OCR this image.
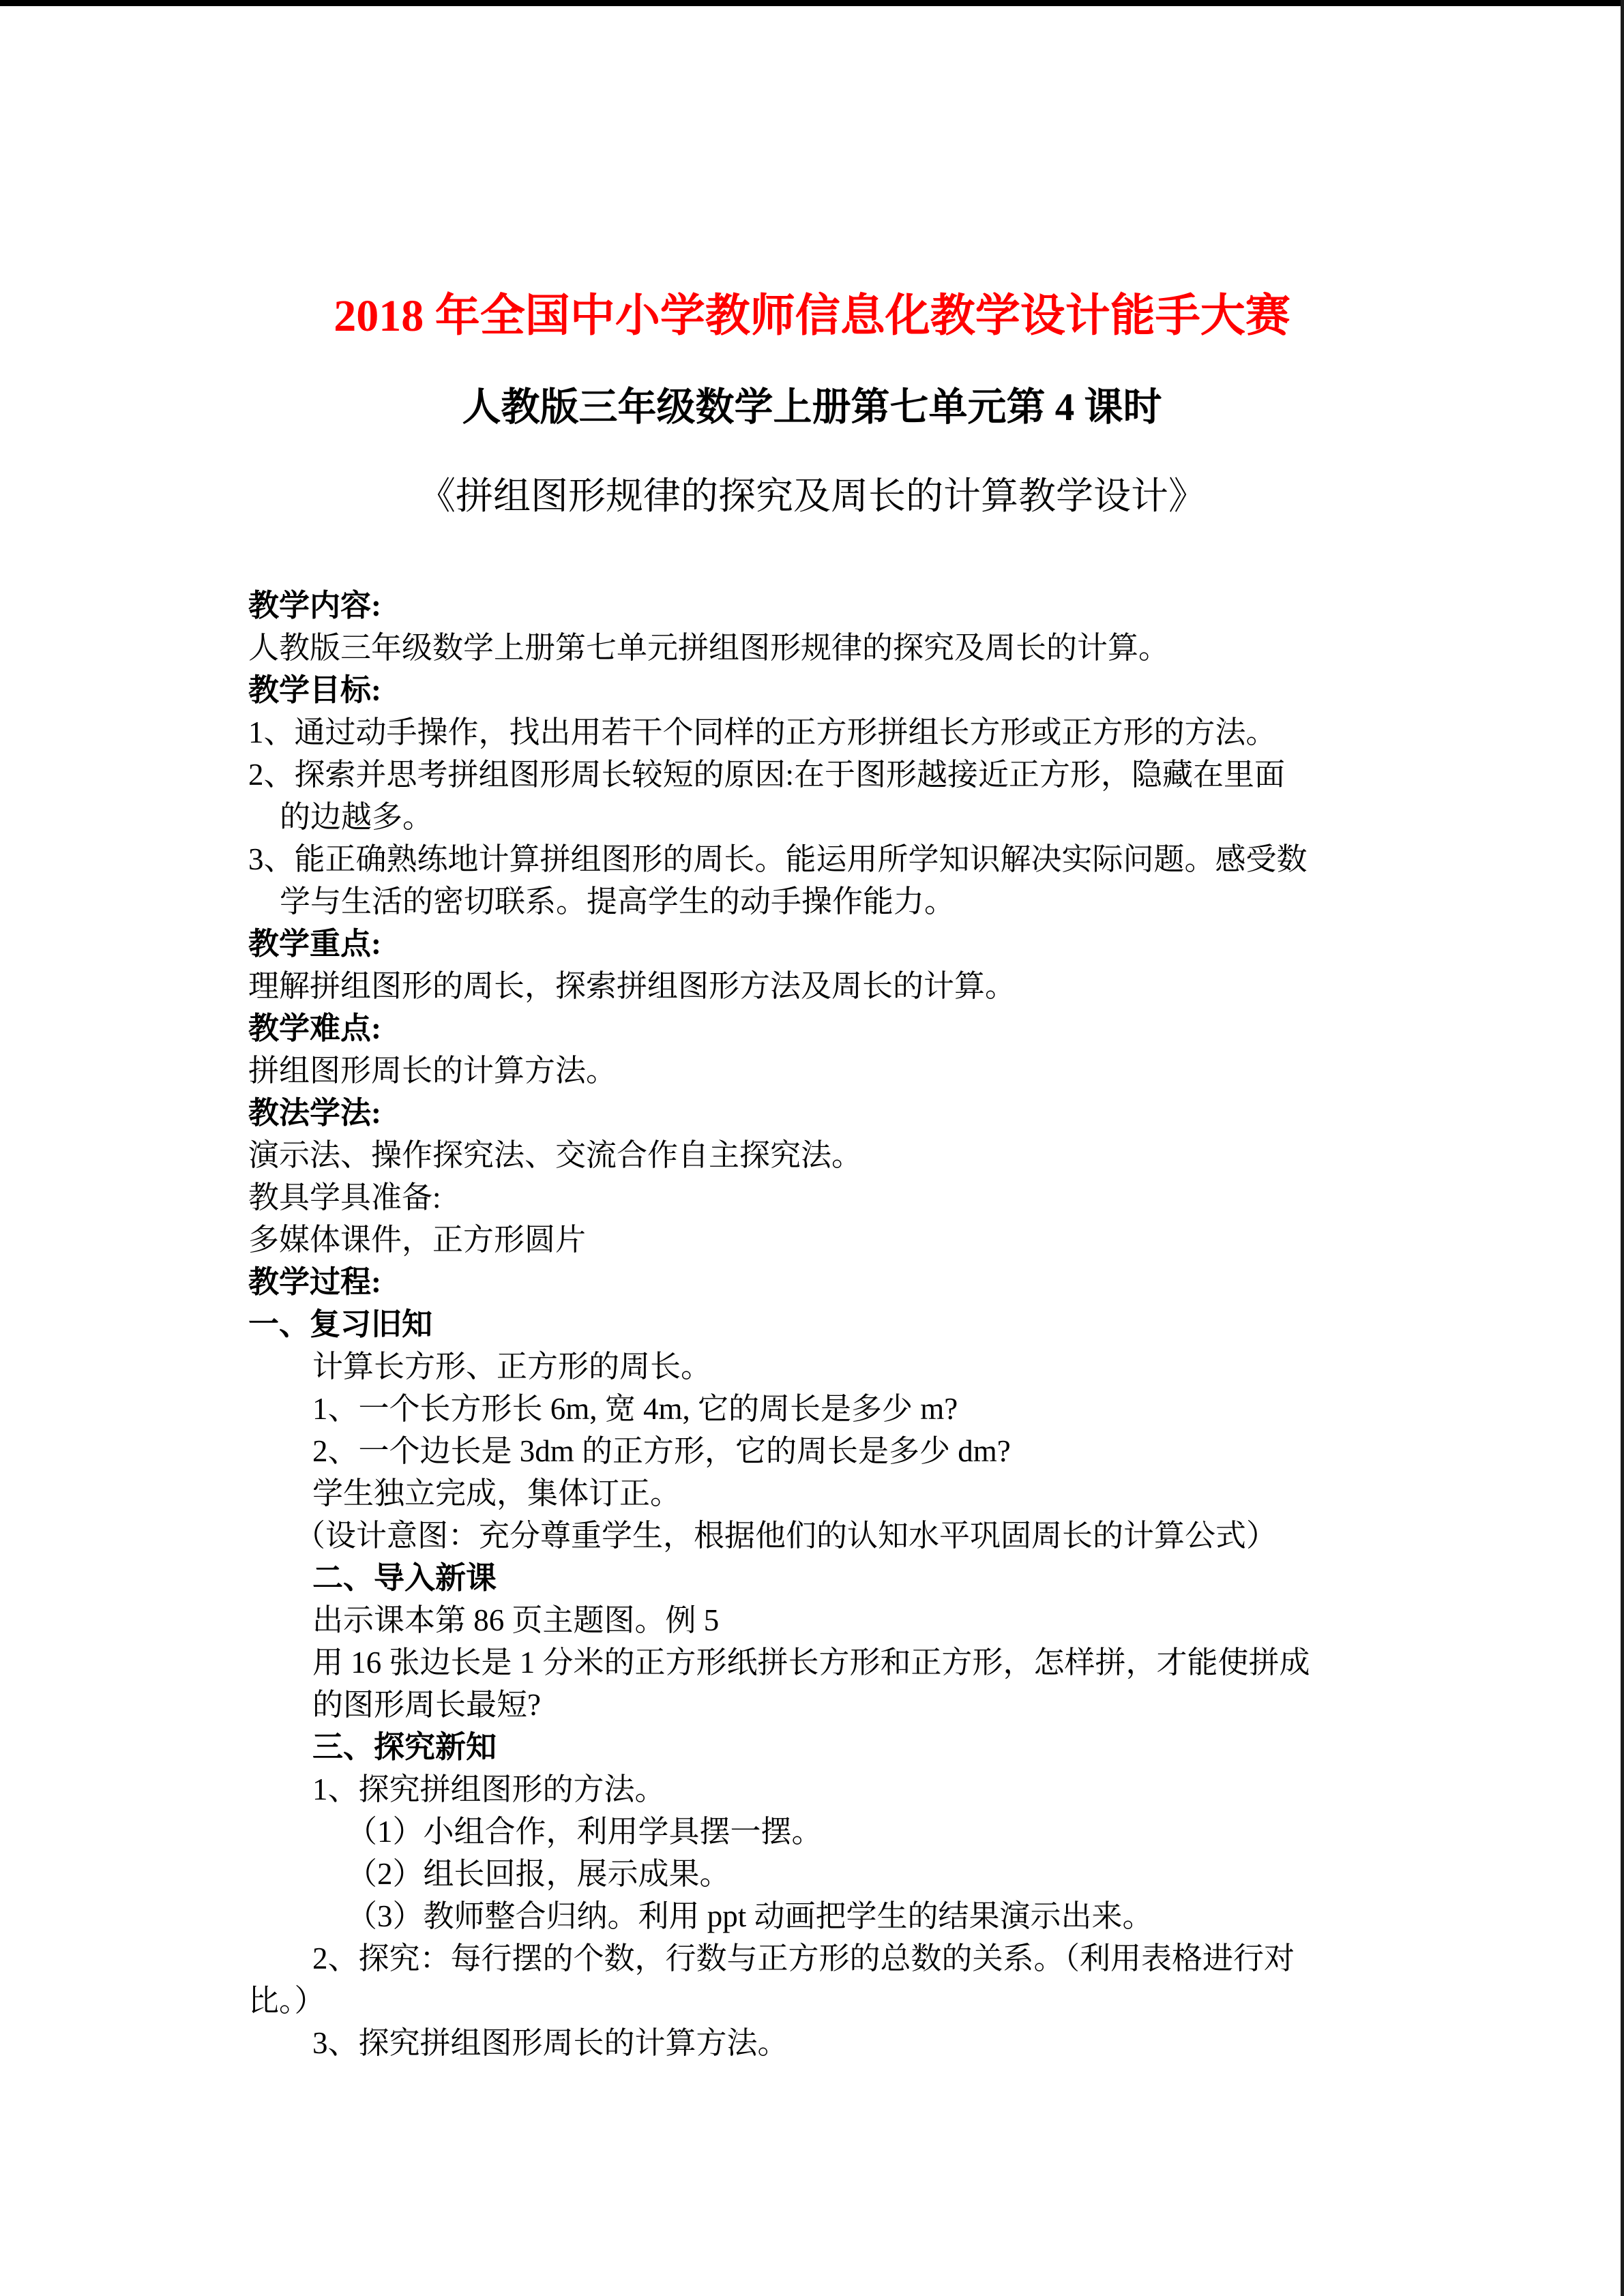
2018 年全国中小学教师信息化教学设计能手大赛
人教版三年级数学上册第七单元第 4 课时
《拼组图形规律的探究及周长的计算教学设计》
教学内容:
人教版三年级数学上册第七单元拼组图形规律的探究及周长的计算。
教学目标:
1、通过动手操作，找出用若干个同样的正方形拼组长方形或正方形的方法。
2、探索并思考拼组图形周长较短的原因:在于图形越接近正方形，隐藏在里面
的边越多。
3、能正确熟练地计算拼组图形的周长。能运用所学知识解决实际问题。感受数
学与生活的密切联系。提高学生的动手操作能力。
教学重点:
理解拼组图形的周长，探索拼组图形方法及周长的计算。
教学难点:
拼组图形周长的计算方法。
教法学法:
演示法、操作探究法、交流合作自主探究法。
教具学具准备:
多媒体课件，正方形圆片
教学过程:
一、复习旧知
计算长方形、正方形的周长。
1、一个长方形长 6m, 宽 4m, 它的周长是多少 m?
2、一个边长是 3dm 的正方形，它的周长是多少 dm?
学生独立完成，集体订正。
（设计意图：充分尊重学生，根据他们的认知水平巩固周长的计算公式）
二、导入新课
出示课本第 86 页主题图。例 5
用 16 张边长是 1 分米的正方形纸拼长方形和正方形，怎样拼，才能使拼成
的图形周长最短?
三、探究新知
1、探究拼组图形的方法。
（1）小组合作，利用学具摆一摆。
（2）组长回报，展示成果。
（3）教师整合归纳。利用 ppt 动画把学生的结果演示出来。
2、探究：每行摆的个数，行数与正方形的总数的关系。（利用表格进行对
比。）
3、探究拼组图形周长的计算方法。
